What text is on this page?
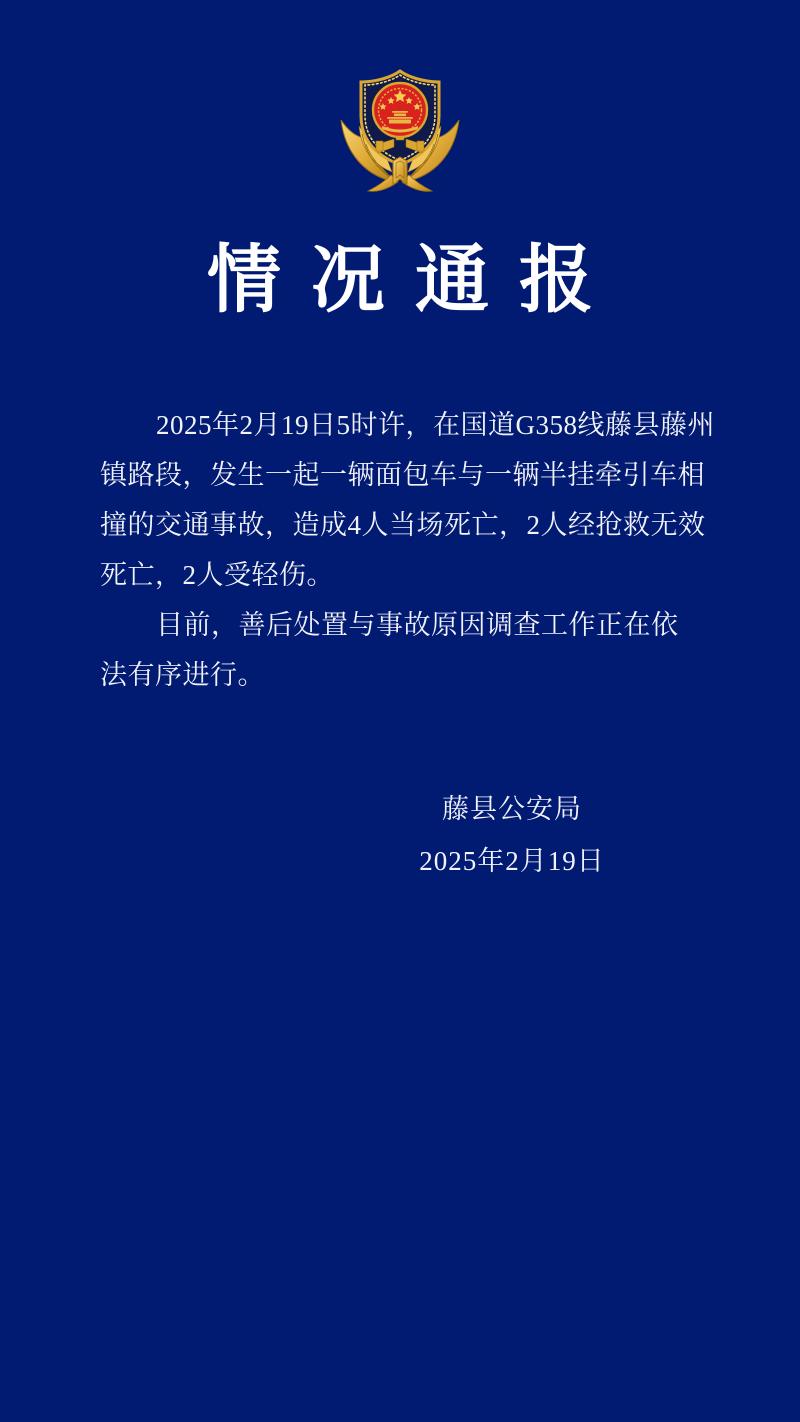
情况通报
2025年2月19日5时许，在国道G358线藤县藤州
镇路段，发生一起一辆面包车与一辆半挂牵引车相
撞的交通事故，造成4人当场死亡，2人经抢救无效
死亡，2人受轻伤。
目前，善后处置与事故原因调查工作正在依
法有序进行。
藤县公安局
2025年2月19日
